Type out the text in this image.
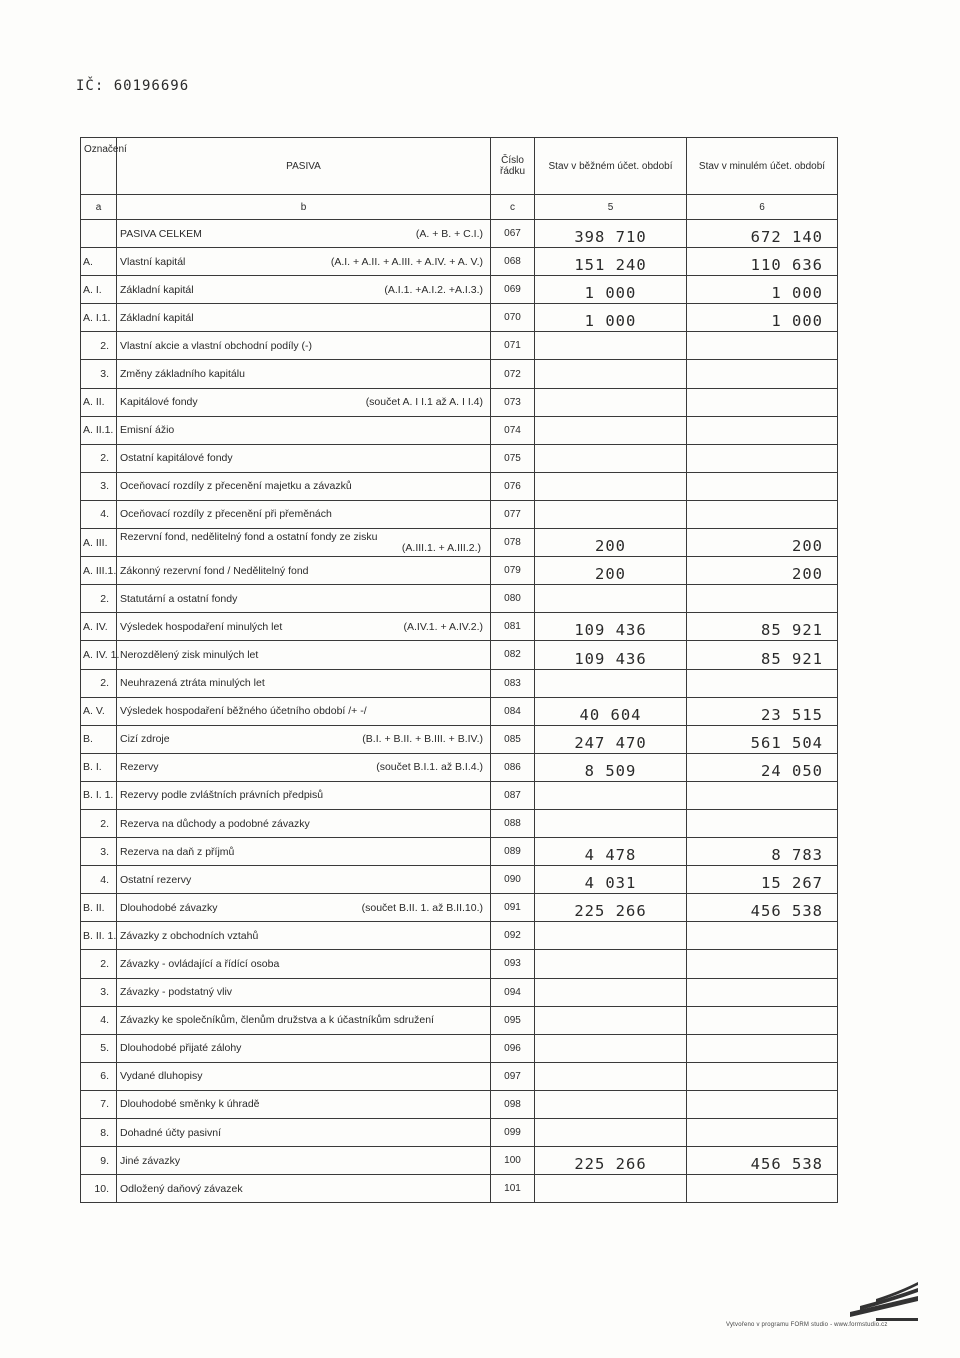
IČ: 60196696
Označení	PASIVA	Číslo řádku	Stav v běžném účet. období	Stav v minulém účet. období
a	b	c	5	6

	PASIVA CELKEM (A. + B. + C.I.)	067	398 710	672 140

A.	Vlastní kapitál (A.I. + A.II. + A.III. + A.IV. + A. V.)	068	151 240	110 636

A. I.	Základní kapitál (A.I.1. +A.I.2. +A.I.3.)	069	1 000	1 000

A. I.1.	Základní kapitál	070	1 000	1 000

2.	Vlastní akcie a vlastní obchodní podíly (-)	071		

3.	Změny základního kapitálu	072		

A. II.	Kapitálové fondy (součet A. I I.1 až A. I I.4)	073		

A. II.1.	Emisní ážio	074		

2.	Ostatní kapitálové fondy	075		

3.	Oceňovací rozdíly z přecenění majetku a závazků	076		

4.	Oceňovací rozdíly z přecenění při přeměnách	077		

A. III.	Rezervní fond, nedělitelný fond a ostatní fondy ze zisku
(A.III.1. + A.III.2.)	078	200	200

A. III.1.	Zákonný rezervní fond / Nedělitelný fond	079	200	200

2.	Statutární a ostatní fondy	080		

A. IV.	Výsledek hospodaření minulých let (A.IV.1. + A.IV.2.)	081	109 436	85 921

A. IV. 1.	Nerozdělený zisk minulých let	082	109 436	85 921

2.	Neuhrazená ztráta minulých let	083		

A. V.	Výsledek hospodaření běžného účetního období /+ -/	084	40 604	23 515

B.	Cizí zdroje (B.I. + B.II. + B.III. + B.IV.)	085	247 470	561 504

B. I.	Rezervy (součet B.I.1. až B.I.4.)	086	8 509	24 050

B. I. 1.	Rezervy podle zvláštních právních předpisů	087		

2.	Rezerva na důchody a podobné závazky	088		

3.	Rezerva na daň z příjmů	089	4 478	8 783

4.	Ostatní rezervy	090	4 031	15 267

B. II.	Dlouhodobé závazky (součet B.II. 1. až B.II.10.)	091	225 266	456 538

B. II. 1.	Závazky z obchodních vztahů	092		

2.	Závazky - ovládající a řídící osoba	093		

3.	Závazky - podstatný vliv	094		

4.	Závazky ke společníkům, členům družstva a k účastníkům sdružení	095		

5.	Dlouhodobé přijaté zálohy	096		

6.	Vydané dluhopisy	097		

7.	Dlouhodobé směnky k úhradě	098		

8.	Dohadné účty pasivní	099		

9.	Jiné závazky	100	225 266	456 538

10.	Odložený daňový závazek	101		
Vytvořeno v programu FORM studio - www.formstudio.cz
